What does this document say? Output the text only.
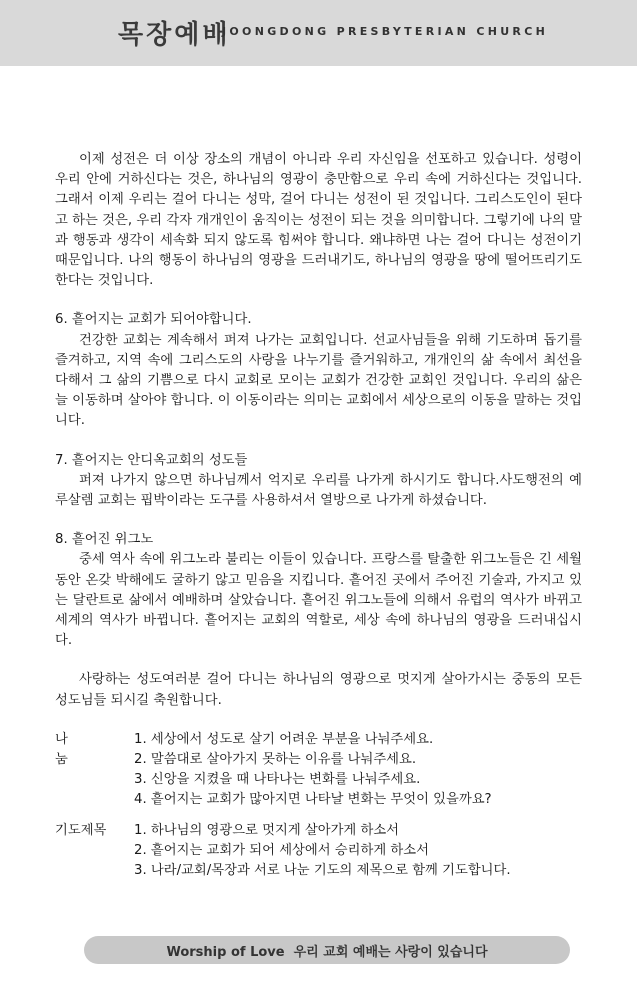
목장예배
JOONGDONG PRESBYTERIAN CHURCH

이제 성전은 더 이상 장소의 개념이 아니라 우리 자신임을 선포하고 있습니다. 성령이 우리 안에 거하신다는 것은, 하나님의 영광이 충만함으로 우리 속에 거하신다는 것입니다. 그래서 이제 우리는 걸어 다니는 성막, 걸어 다니는 성전이 된 것입니다. 그리스도인이 된다고 하는 것은, 우리 각자 개개인이 움직이는 성전이 되는 것을 의미합니다. 그렇기에 나의 말과 행동과 생각이 세속화 되지 않도록 힘써야 합니다. 왜냐하면 나는 걸어 다니는 성전이기 때문입니다. 나의 행동이 하나님의 영광을 드러내기도, 하나님의 영광을 땅에 떨어뜨리기도 한다는 것입니다.

6. 흩어지는 교회가 되어야합니다.

건강한 교회는 계속해서 퍼져 나가는 교회입니다. 선교사님들을 위해 기도하며 돕기를 즐겨하고, 지역 속에 그리스도의 사랑을 나누기를 즐거워하고, 개개인의 삶 속에서 최선을 다해서 그 삶의 기쁨으로 다시 교회로 모이는 교회가 건강한 교회인 것입니다. 우리의 삶은 늘 이동하며 살아야 합니다. 이 이동이라는 의미는 교회에서 세상으로의 이동을 말하는 것입니다.

7. 흩어지는 안디옥교회의 성도들

퍼져 나가지 않으면 하나님께서 억지로 우리를 나가게 하시기도 합니다.사도행전의 예루살렘 교회는 핍박이라는 도구를 사용하셔서 열방으로 나가게 하셨습니다.

8. 흩어진 위그노

중세 역사 속에 위그노라 불리는 이들이 있습니다. 프랑스를 탈출한 위그노들은 긴 세월 동안 온갖 박해에도 굴하기 않고 믿음을 지킵니다. 흩어진 곳에서 주어진 기술과, 가지고 있는 달란트로 삶에서 예배하며 살았습니다. 흩어진 위그노들에 의해서 유럽의 역사가 바뀌고 세계의 역사가 바뀝니다. 흩어지는 교회의 역할로, 세상 속에 하나님의 영광을 드러내십시다.

사랑하는 성도여러분 걸어 다니는 하나님의 영광으로 멋지게 살아가시는 중동의 모든 성도님들 되시길 축원합니다.

나눔
1. 세상에서 성도로 살기 어려운 부분을 나눠주세요.
2. 말씀대로 살아가지 못하는 이유를 나눠주세요.
3. 신앙을 지켰을 때 나타나는 변화를 나눠주세요.
4. 흩어지는 교회가 많아지면 나타날 변화는 무엇이 있을까요?
기도제목	1. 하나님의 영광으로 멋지게 살아가게 하소서
2. 흩어지는 교회가 되어 세상에서 승리하게 하소서
3. 나라/교회/목장과 서로 나눈 기도의 제목으로 함께 기도합니다.
Worship of Love  우리 교회 예배는 사랑이 있습니다
